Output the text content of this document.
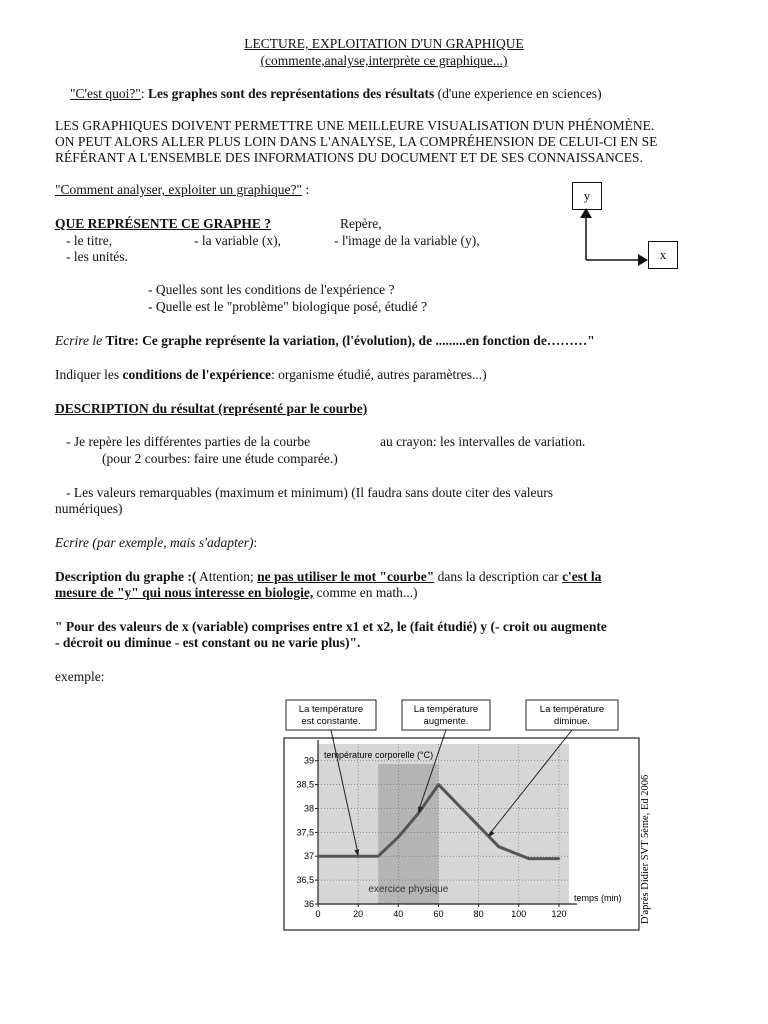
LECTURE, EXPLOITATION D'UN GRAPHIQUE
(commente,analyse,interprète ce graphique...)
"C'est quoi?": Les graphes sont des représentations des résultats (d'une experience en sciences)
LES GRAPHIQUES DOIVENT PERMETTRE UNE MEILLEURE VISUALISATION D'UN PHÉNOMÈNE.
ON PEUT ALORS ALLER PLUS LOIN DANS L'ANALYSE, LA COMPRÉHENSION DE CELUI-CI EN SE
RÉFÉRANT A L'ENSEMBLE DES INFORMATIONS DU DOCUMENT ET DE SES CONNAISSANCES.
"Comment analyser, exploiter un graphique?" :	y
x
QUE REPRÉSENTE CE GRAPHE ?	Repère,
- le titre,	- la variable (x),	- l'image de la variable (y),
- les unités.
- Quelles sont les conditions de l'expérience ?
- Quelle est le "problème" biologique posé, étudié ?
Ecrire le Titre: Ce graphe représente la variation, (l'évolution), de .........en fonction de………"
Indiquer les conditions de l'expérience: organisme étudié, autres paramètres...)
DESCRIPTION du résultat (représenté par le courbe)
- Je repère les différentes parties de la courbe	au crayon: les intervalles de variation.
(pour 2 courbes: faire une étude comparée.)
- Les valeurs remarquables (maximum et minimum) (Il faudra sans doute citer des valeurs
numériques)
Ecrire (par exemple, mais s'adapter):
Description du graphe :( Attention; ne pas utiliser le mot "courbe" dans la description car c'est la
mesure de "y" qui nous interesse en biologie, comme en math...)
" Pour des valeurs de x (variable) comprises entre x1 et x2, le (fait étudié) y (- croit ou augmente
- décroit ou diminue - est constant ou ne varie plus)".
exemple:
36
36,5
37
37,5
38
38,5
39
0	20	40	60	80	100	120
température corporelle (°C)
temps (min)
exercice physique
La température est constante.
La température augmente.
La température diminue.
D'après Didier SVT 5ème, Ed 2006
